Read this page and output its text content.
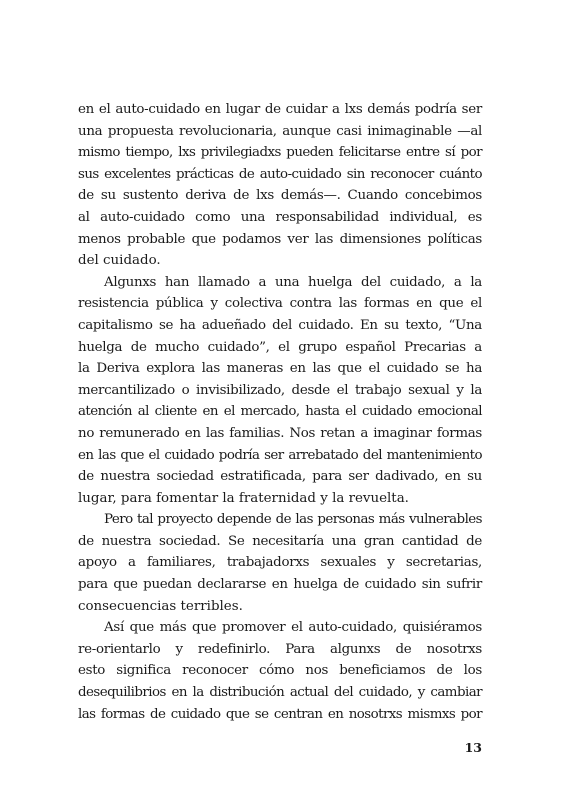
en el auto-cuidado en lugar de cuidar a lxs demás podría ser
una propuesta revolucionaria, aunque casi inimaginable —al
mismo tiempo, lxs privilegiadxs pueden felicitarse entre sí por
sus excelentes prácticas de auto-cuidado sin reconocer cuánto
de su sustento deriva de lxs demás—. Cuando concebimos
al auto-cuidado como una responsabilidad individual, es
menos probable que podamos ver las dimensiones políticas
del cuidado.
Algunxs han llamado a una huelga del cuidado, a la
resistencia pública y colectiva contra las formas en que el
capitalismo se ha adueñado del cuidado. En su texto, “Una
huelga de mucho cuidado”, el grupo español Precarias a
la Deriva explora las maneras en las que el cuidado se ha
mercantilizado o invisibilizado, desde el trabajo sexual y la
atención al cliente en el mercado, hasta el cuidado emocional
no remunerado en las familias. Nos retan a imaginar formas
en las que el cuidado podría ser arrebatado del mantenimiento
de nuestra sociedad estratificada, para ser dadivado, en su
lugar, para fomentar la fraternidad y la revuelta.
Pero tal proyecto depende de las personas más vulnerables
de nuestra sociedad. Se necesitaría una gran cantidad de
apoyo a familiares, trabajadorxs sexuales y secretarias,
para que puedan declararse en huelga de cuidado sin sufrir
consecuencias terribles.
Así que más que promover el auto-cuidado, quisiéramos
re-orientarlo y redefinirlo. Para algunxs de nosotrxs
esto significa reconocer cómo nos beneficiamos de los
desequilibrios en la distribución actual del cuidado, y cambiar
las formas de cuidado que se centran en nosotrxs mismxs por
13
